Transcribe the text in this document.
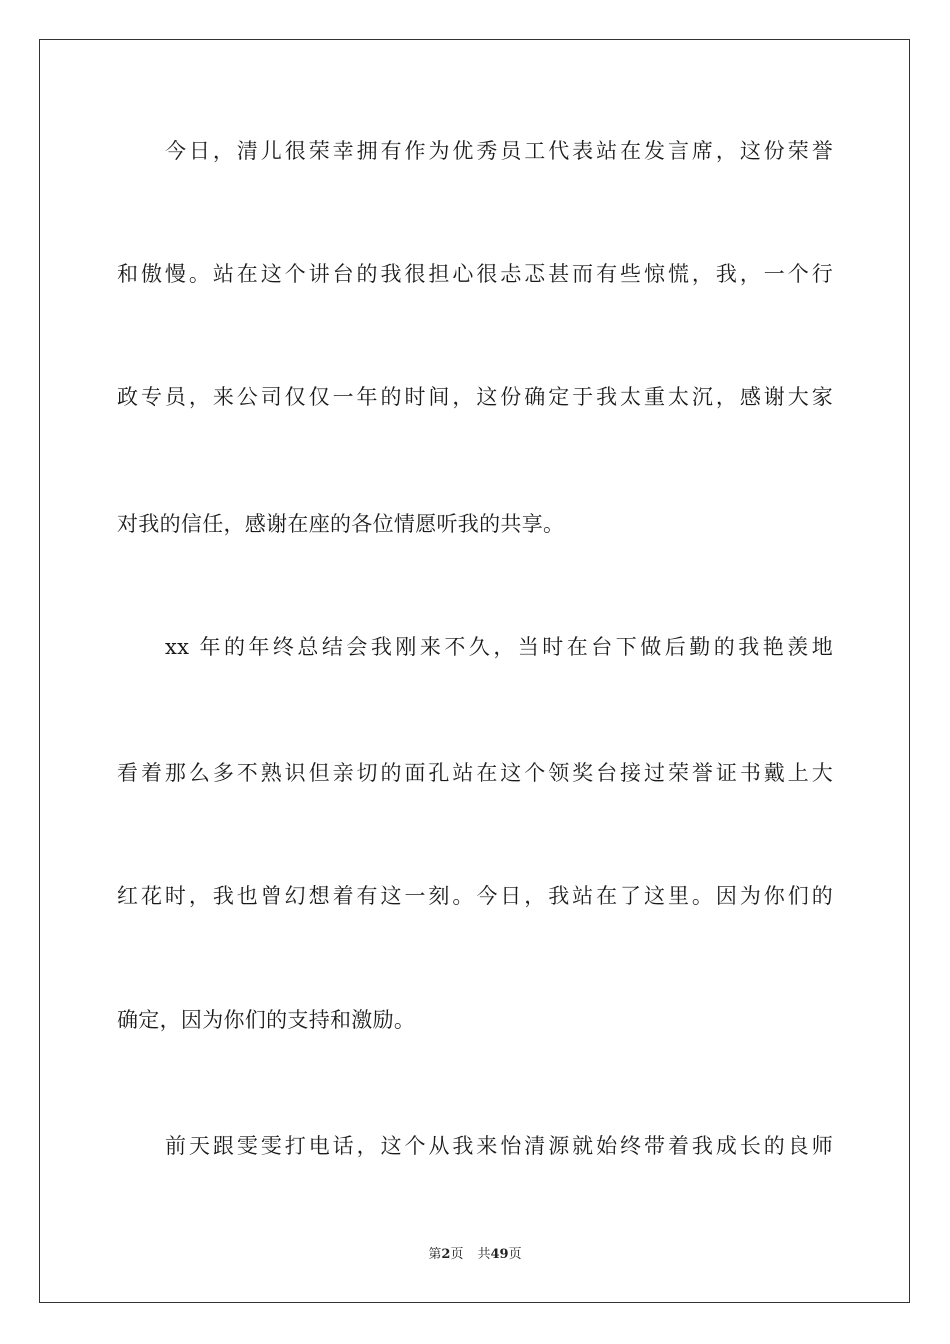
今日，清儿很荣幸拥有作为优秀员工代表站在发言席，这份荣誉
和傲慢。站在这个讲台的我很担心很忐忑甚而有些惊慌，我，一个行
政专员，来公司仅仅一年的时间，这份确定于我太重太沉，感谢大家
对我的信任，感谢在座的各位情愿听我的共享。
xx 年的年终总结会我刚来不久，当时在台下做后勤的我艳羡地
看着那么多不熟识但亲切的面孔站在这个领奖台接过荣誉证书戴上大
红花时，我也曾幻想着有这一刻。今日，我站在了这里。因为你们的
确定，因为你们的支持和激励。
前天跟雯雯打电话，这个从我来怡清源就始终带着我成长的良师
第2页 共49页
